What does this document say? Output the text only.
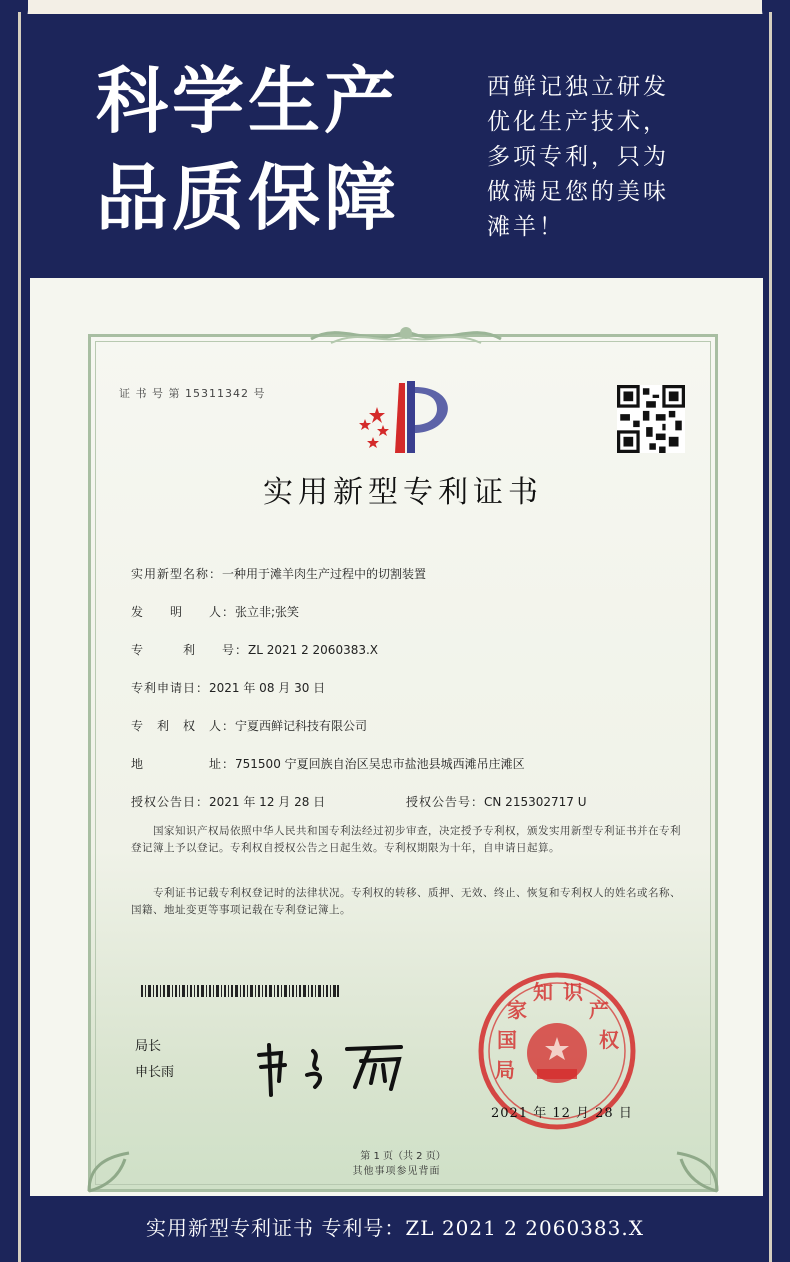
科学生产
品质保障
西鲜记独立研发
优化生产技术，
多项专利，只为
做满足您的美味
滩羊！
证 书 号 第 15311342 号
实用新型专利证书
实用新型名称：一种用于滩羊肉生产过程中的切割装置
发　　明　　人：张立非;张笑
专　　　利　　号：ZL 2021 2 2060383.X
专利申请日：2021 年 08 月 30 日
专　利　权　人：宁夏西鲜记科技有限公司
地　　　　　址：751500 宁夏回族自治区吴忠市盐池县城西滩吊庄滩区
授权公告日：2021 年 12 月 28 日	授权公告号：CN 215302717 U
国家知识产权局依照中华人民共和国专利法经过初步审查，决定授予专利权，颁发实用新型专利证书并在专利登记簿上予以登记。专利权自授权公告之日起生效。专利权期限为十年，自申请日起算。
专利证书记载专利权登记时的法律状况。专利权的转移、质押、无效、终止、恢复和专利权人的姓名或名称、国籍、地址变更等事项记载在专利登记簿上。
局长
申长雨
国
家
知 识
产
权
局
2021 年 12 月 28 日
第 1 页（共 2 页）
其他事项参见背面
实用新型专利证书 专利号：ZL 2021 2 2060383.X
